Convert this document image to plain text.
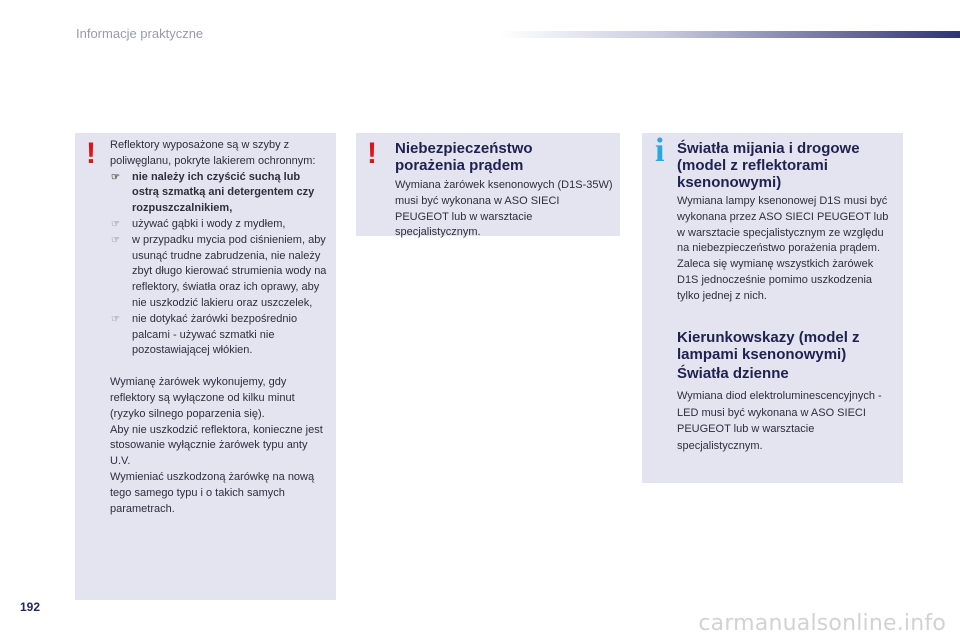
Informacje praktyczne
! Reflektory wyposażone są w szyby z poliwęglanu, pokryte lakierem ochronnym:

☞ nie należy ich czyścić suchą lub ostrą szmatką ani detergentem czy rozpuszczalnikiem,
☞ używać gąbki i wody z mydłem,
☞ w przypadku mycia pod ciśnieniem, aby usunąć trudne zabrudzenia, nie należy zbyt długo kierować strumienia wody na reflektory, światła oraz ich oprawy, aby nie uszkodzić lakieru oraz uszczelek,
☞ nie dotykać żarówki bezpośrednio palcami - używać szmatki nie pozostawiającej włókien.

Wymianę żarówek wykonujemy, gdy reflektory są wyłączone od kilku minut (ryzyko silnego poparzenia się).

Aby nie uszkodzić reflektora, konieczne jest stosowanie wyłącznie żarówek typu anty U.V.

Wymieniać uszkodzoną żarówkę na nową tego samego typu i o takich samych parametrach.

! Niebezpieczeństwo porażenia prądem
Wymiana żarówek ksenonowych (D1S-35W) musi być wykonana w ASO SIECI PEUGEOT lub w warsztacie specjalistycznym.
i Światła mijania i drogowe (model z reflektorami ksenonowymi)

Wymiana lampy ksenonowej D1S musi być wykonana przez ASO SIECI PEUGEOT lub w warsztacie specjalistycznym ze względu na niebezpieczeństwo porażenia prądem.

Zaleca się wymianę wszystkich żarówek D1S jednocześnie pomimo uszkodzenia tylko jednej z nich.

Kierunkowskazy (model z lampami ksenonowymi)
Światła dzienne
Wymiana diod elektroluminescencyjnych - LED musi być wykonana w ASO SIECI PEUGEOT lub w warsztacie specjalistycznym.
192
carmanualsonline.info
